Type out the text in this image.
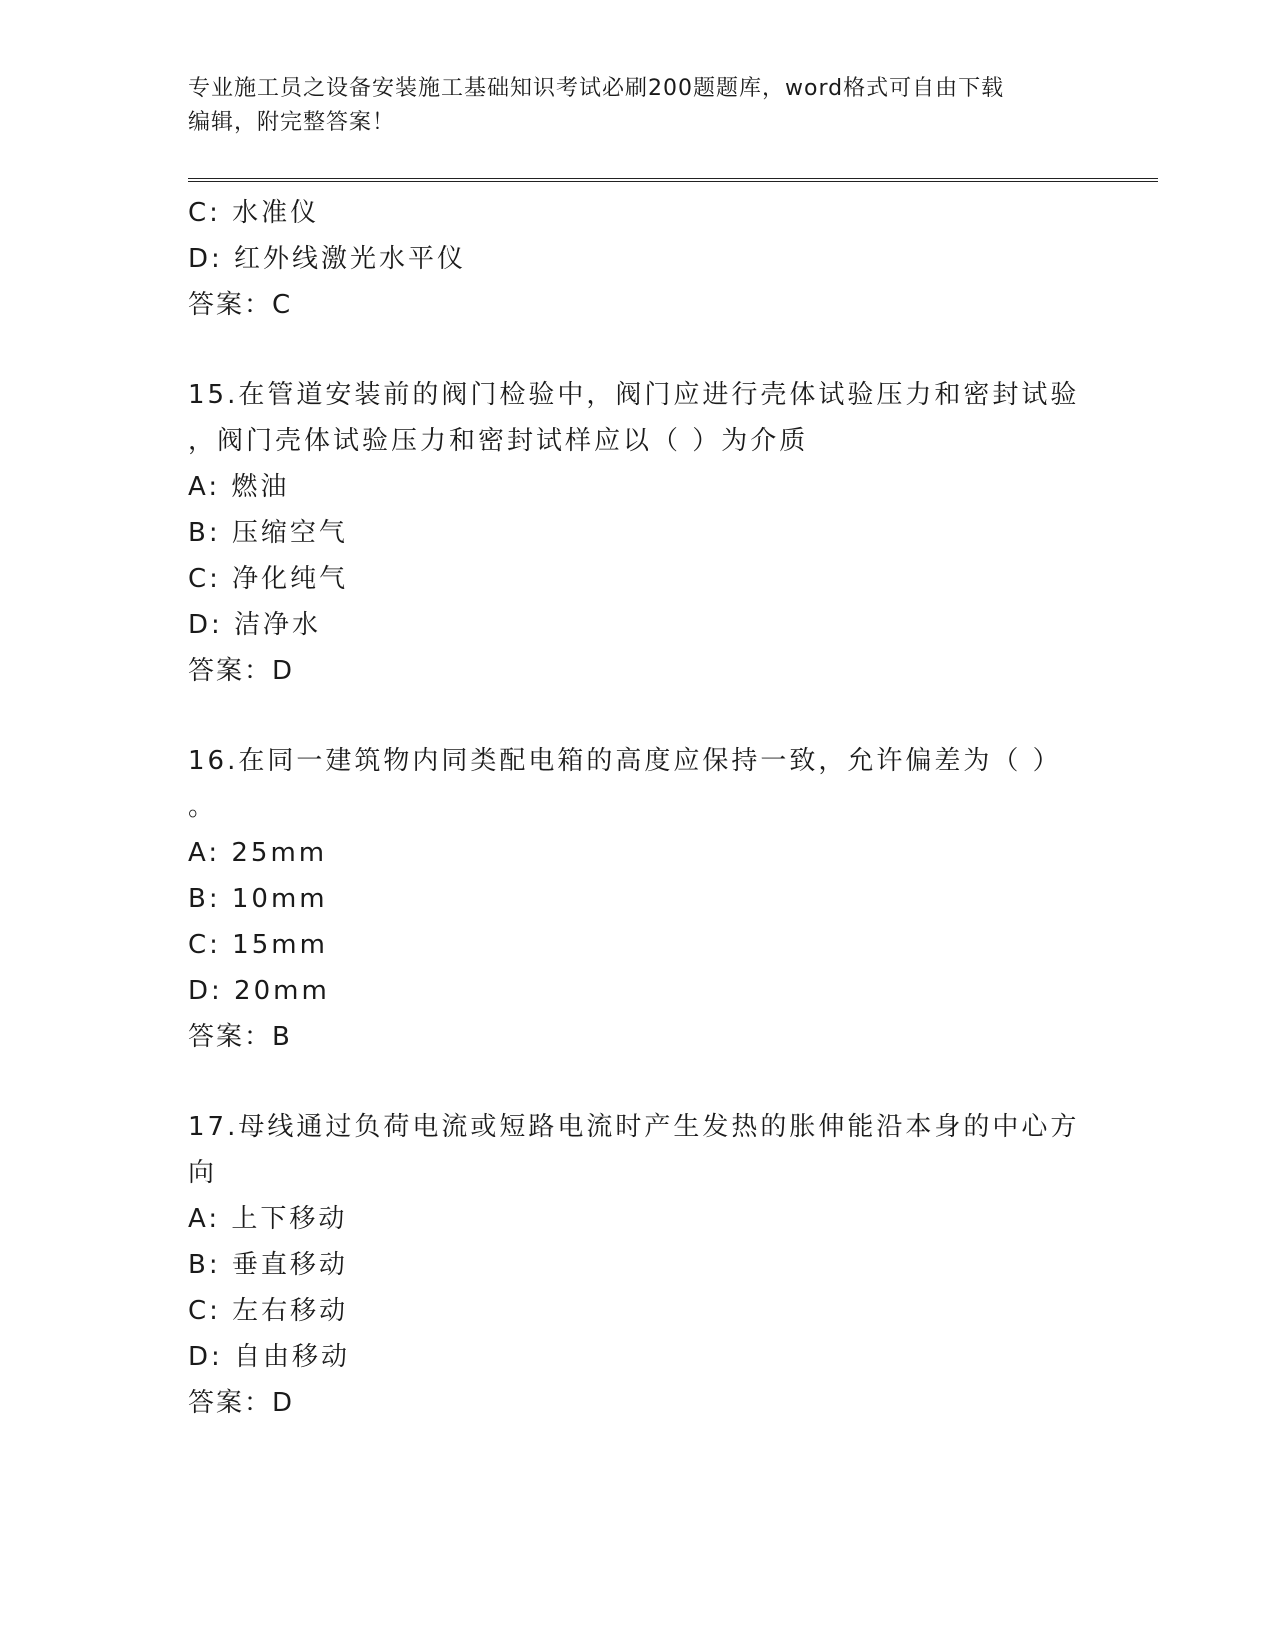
专业施工员之设备安装施工基础知识考试必刷200题题库，word格式可自由下载
编辑，附完整答案！
C: 水准仪
D: 红外线激光水平仪
答案：C
15.在管道安装前的阀门检验中，阀门应进行壳体试验压力和密封试验
，阀门壳体试验压力和密封试样应以（ ）为介质
A: 燃油
B: 压缩空气
C: 净化纯气
D: 洁净水
答案：D
16.在同一建筑物内同类配电箱的高度应保持一致，允许偏差为（ ）
。
A: 25mm
B: 10mm
C: 15mm
D: 20mm
答案：B
17.母线通过负荷电流或短路电流时产生发热的胀伸能沿本身的中心方
向
A: 上下移动
B: 垂直移动
C: 左右移动
D: 自由移动
答案：D
